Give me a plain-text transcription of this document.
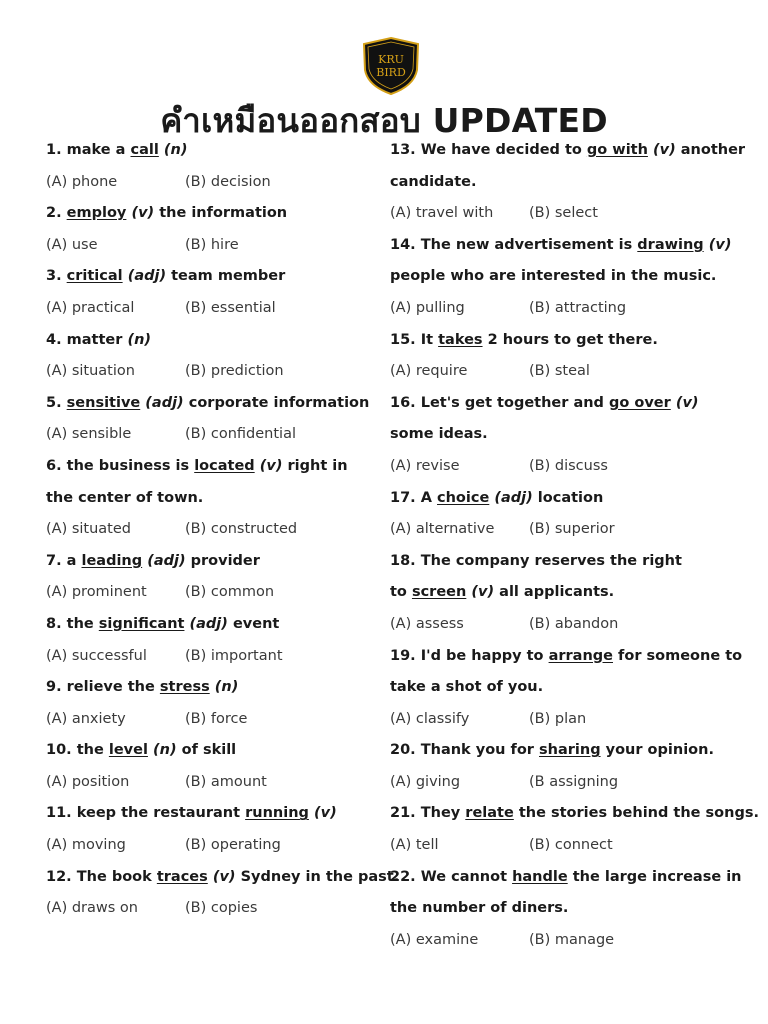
KRU
BIRD
คำเหมือนออกสอบ UPDATED
1. make a call (n)
(A) phone	(B) decision
2. employ (v) the information
(A) use	(B) hire
3. critical (adj) team member
(A) practical	(B) essential
4. matter (n)
(A) situation	(B) prediction
5. sensitive (adj) corporate information
(A) sensible	(B) confidential
6. the business is located (v) right in
the center of town.
(A) situated	(B) constructed
7. a leading (adj) provider
(A) prominent	(B) common
8. the significant (adj) event
(A) successful	(B) important
9. relieve the stress (n)
(A) anxiety	(B) force
10. the level (n) of skill
(A) position	(B) amount
11. keep the restaurant running (v)
(A) moving	(B) operating
12. The book traces (v) Sydney in the past.
(A) draws on	(B) copies
13. We have decided to go with (v) another
candidate.
(A) travel with (B) select
14. The new advertisement is drawing (v)
people who are interested in the music.
(A) pulling	(B) attracting
15. It takes 2 hours to get there.
(A) require	(B) steal
16. Let's get together and go over (v)
some ideas.
(A) revise	(B) discuss
17. A choice (adj) location
(A) alternative (B) superior
18. The company reserves the right
to screen (v) all applicants.
(A) assess	(B) abandon
19. I'd be happy to arrange for someone to
take a shot of you.
(A) classify	(B) plan
20. Thank you for sharing your opinion.
(A) giving	(B assigning
21. They relate the stories behind the songs.
(A) tell	(B) connect
22. We cannot handle the large increase in
the number of diners.
(A) examine	(B) manage
